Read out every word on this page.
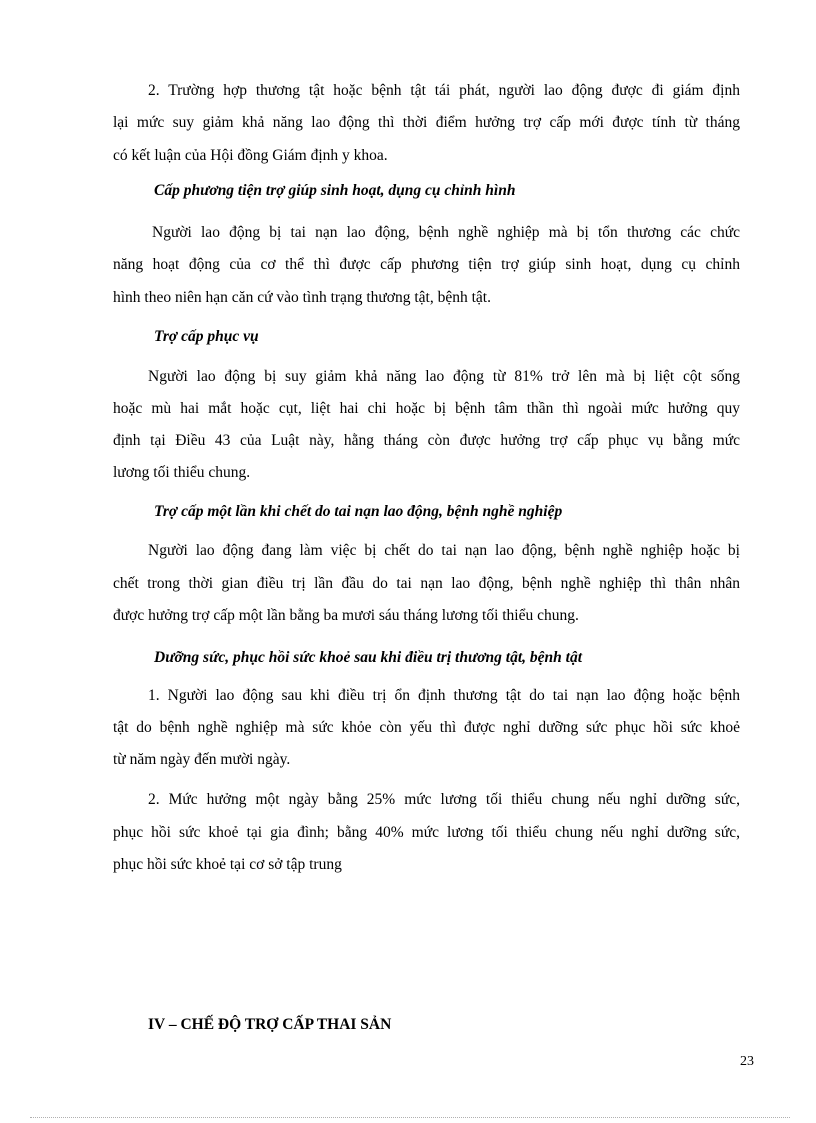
2. Trường hợp thương tật hoặc bệnh tật tái phát, người lao động được đi giám định
lại mức suy giảm khả năng lao động thì thời điểm hưởng trợ cấp mới được tính từ tháng
có kết luận của Hội đồng Giám định y khoa.
Cấp phương tiện trợ giúp sinh hoạt, dụng cụ chỉnh hình
Người lao động bị tai nạn lao động, bệnh nghề nghiệp mà bị tổn thương các chức
năng hoạt động của cơ thể thì được cấp phương tiện trợ giúp sinh hoạt, dụng cụ chỉnh
hình theo niên hạn căn cứ vào tình trạng thương tật, bệnh tật.
Trợ cấp phục vụ
Người lao động bị suy giảm khả năng lao động từ 81% trở lên mà bị liệt cột sống
hoặc mù hai mắt hoặc cụt, liệt hai chi hoặc bị bệnh tâm thần thì ngoài mức hưởng quy
định tại Điều 43 của Luật này, hằng tháng còn được hưởng trợ cấp phục vụ bằng mức
lương tối thiểu chung.
Trợ cấp một lần khi chết do tai nạn lao động, bệnh nghề nghiệp
Người lao động đang làm việc bị chết do tai nạn lao động, bệnh nghề nghiệp hoặc bị
chết trong thời gian điều trị lần đầu do tai nạn lao động, bệnh nghề nghiệp thì thân nhân
được hưởng trợ cấp một lần bằng ba mươi sáu tháng lương tối thiểu chung.
Dưỡng sức, phục hồi sức khoẻ sau khi điều trị thương tật, bệnh tật
1. Người lao động sau khi điều trị ổn định thương tật do tai nạn lao động hoặc bệnh
tật do bệnh nghề nghiệp mà sức khỏe còn yếu thì được nghỉ dưỡng sức phục hồi sức khoẻ
từ năm ngày đến mười ngày.
2. Mức hưởng một ngày bằng 25% mức lương tối thiểu chung nếu nghỉ dưỡng sức,
phục hồi sức khoẻ tại gia đình; bằng 40% mức lương tối thiểu chung nếu nghỉ dưỡng sức,
phục hồi sức khoẻ tại cơ sở tập trung
IV – CHẾ ĐỘ TRỢ CẤP THAI SẢN
23
